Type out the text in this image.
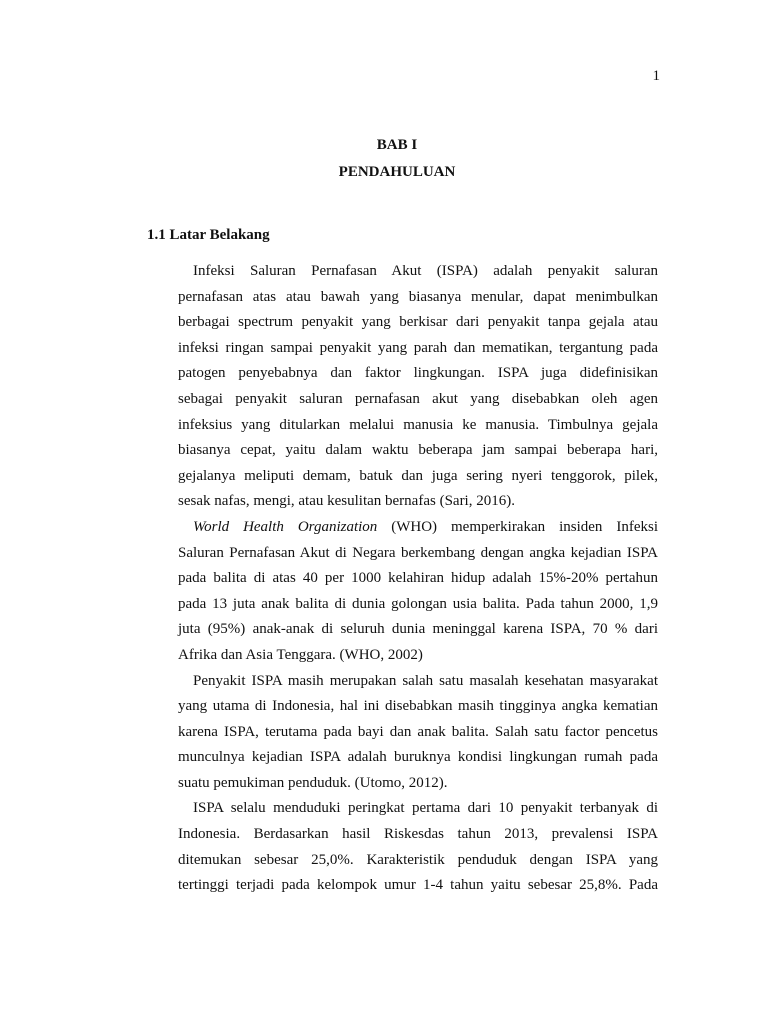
1
BAB I
PENDAHULUAN
1.1 Latar Belakang

Infeksi Saluran Pernafasan Akut (ISPA) adalah penyakit saluran
pernafasan atas atau bawah yang biasanya menular, dapat menimbulkan
berbagai spectrum penyakit yang berkisar dari penyakit tanpa gejala atau
infeksi ringan sampai penyakit yang parah dan mematikan, tergantung pada
patogen penyebabnya dan faktor lingkungan. ISPA juga didefinisikan
sebagai penyakit saluran pernafasan akut yang disebabkan oleh agen
infeksius yang ditularkan melalui manusia ke manusia. Timbulnya gejala
biasanya cepat, yaitu dalam waktu beberapa jam sampai beberapa hari,
gejalanya meliputi demam, batuk dan juga sering nyeri tenggorok, pilek,
sesak nafas, mengi, atau kesulitan bernafas (Sari, 2016).

World Health Organization (WHO) memperkirakan insiden Infeksi
Saluran Pernafasan Akut di Negara berkembang dengan angka kejadian ISPA
pada balita di atas 40 per 1000 kelahiran hidup adalah 15%-20% pertahun
pada 13 juta anak balita di dunia golongan usia balita. Pada tahun 2000, 1,9
juta (95%) anak-anak di seluruh dunia meninggal karena ISPA, 70 % dari
Afrika dan Asia Tenggara. (WHO, 2002)

Penyakit ISPA masih merupakan salah satu masalah kesehatan masyarakat
yang utama di Indonesia, hal ini disebabkan masih tingginya angka kematian
karena ISPA, terutama pada bayi dan anak balita. Salah satu factor pencetus
munculnya kejadian ISPA adalah buruknya kondisi lingkungan rumah pada
suatu pemukiman penduduk. (Utomo, 2012).

ISPA selalu menduduki peringkat pertama dari 10 penyakit terbanyak di
Indonesia. Berdasarkan hasil Riskesdas tahun 2013, prevalensi ISPA
ditemukan sebesar 25,0%. Karakteristik penduduk dengan ISPA yang
tertinggi terjadi pada kelompok umur 1-4 tahun yaitu sebesar 25,8%. Pada
